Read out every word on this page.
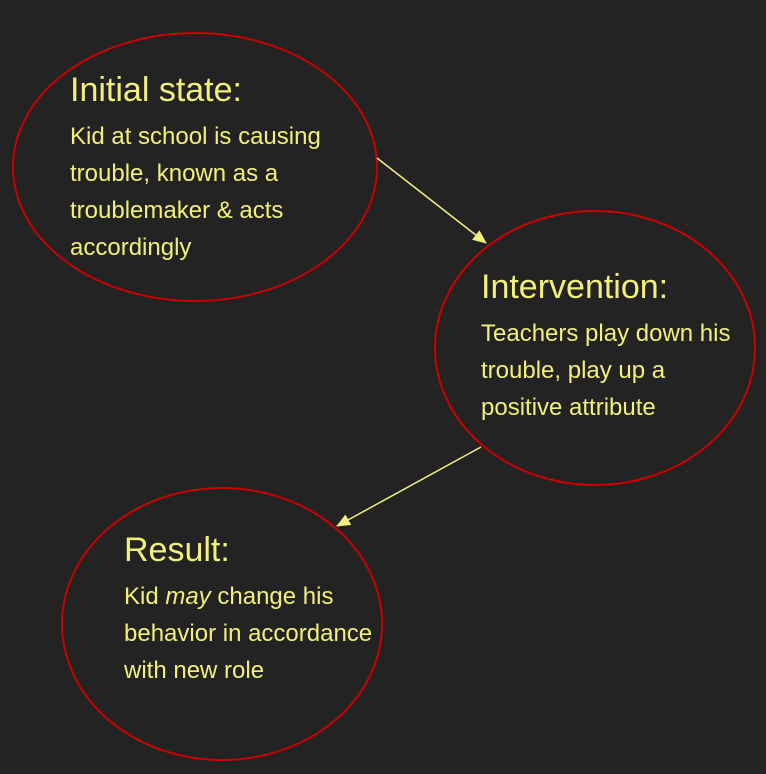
Initial state:

Kid at school is causing trouble, known as a troublemaker & acts accordingly

Intervention:

Teachers play down his trouble, play up a positive attribute

Result:

Kid may change his behavior in accordance with new role
